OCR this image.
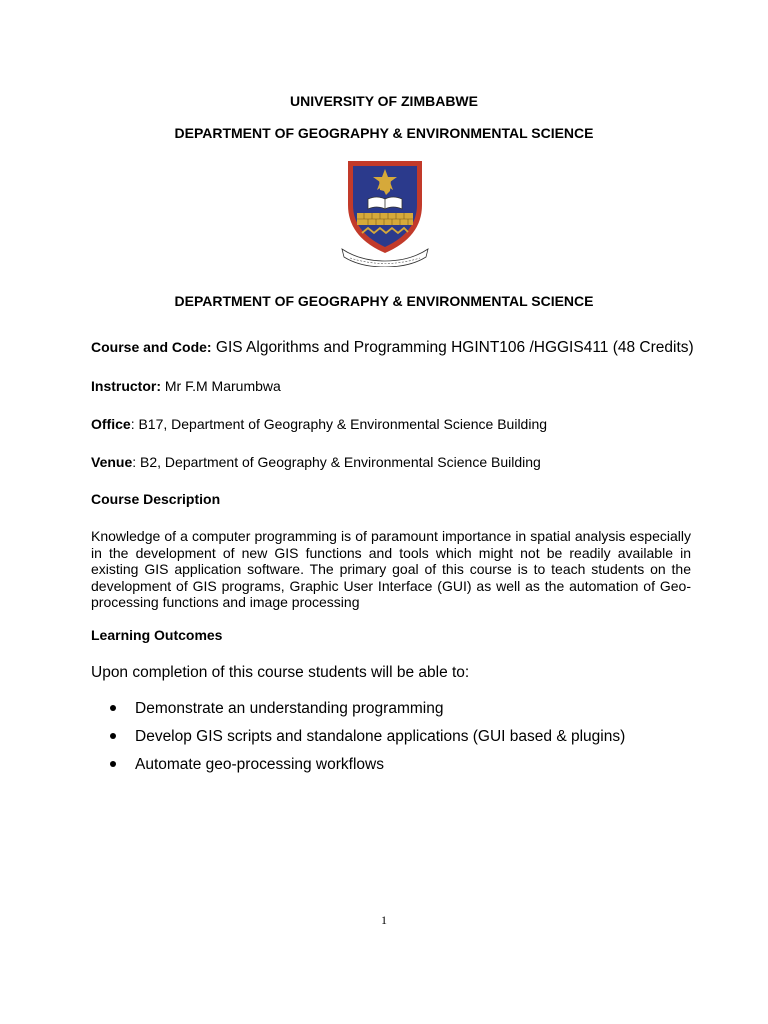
UNIVERSITY OF ZIMBABWE

DEPARTMENT OF GEOGRAPHY & ENVIRONMENTAL SCIENCE

DEPARTMENT OF GEOGRAPHY & ENVIRONMENTAL SCIENCE

Course and Code: GIS Algorithms and Programming HGINT106 /HGGIS411 (48 Credits)

Instructor: Mr F.M Marumbwa

Office: B17, Department of Geography & Environmental Science Building

Venue: B2, Department of Geography & Environmental Science Building

Course Description

Knowledge of a computer programming is of paramount importance in spatial analysis especially in the development of new GIS functions and tools which might not be readily available in existing GIS application software. The primary goal of this course is to teach students on the development of GIS programs, Graphic User Interface (GUI) as well as the automation of Geo-processing functions and image processing

Learning Outcomes

Upon completion of this course students will be able to:

Demonstrate an understanding programming
Develop GIS scripts and standalone applications (GUI based & plugins)
Automate geo-processing workflows

1
